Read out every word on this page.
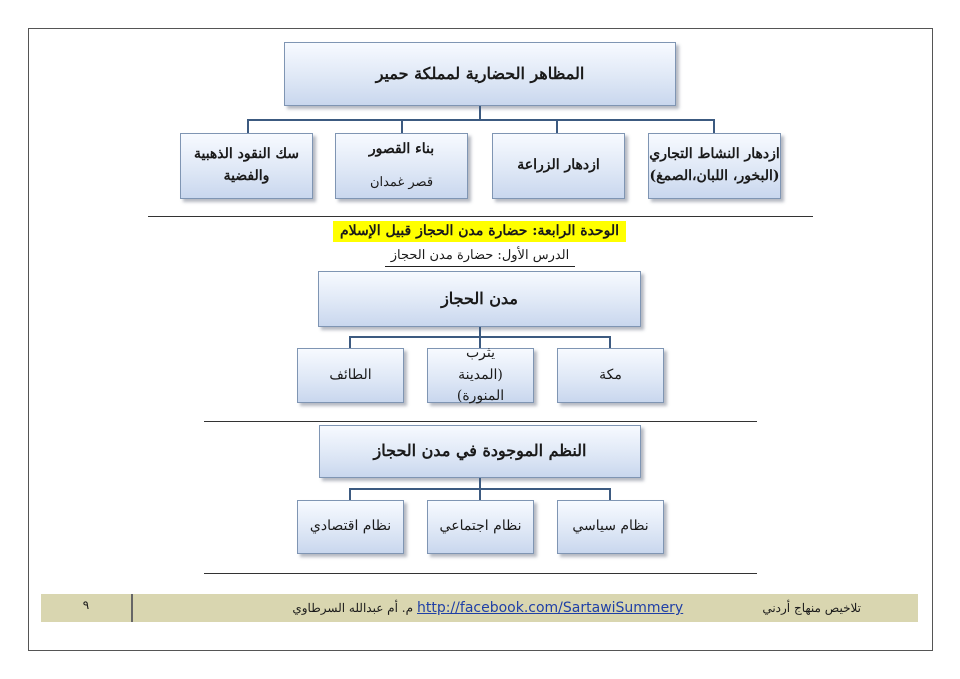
المظاهر الحضارية لمملكة حمير
ازدهار النشاط التجاري
(البخور، اللبان،الصمغ)
ازدهار الزراعة
بناء القصور
قصر غمدان
سك النقود الذهبية والفضية
الوحدة الرابعة: حضارة مدن الحجاز قبيل الإسلام
الدرس الأول: حضارة مدن الحجاز
مدن الحجاز
مكة
يثرب (المدينة المنورة)
الطائف
النظم الموجودة في مدن الحجاز
نظام سياسي
نظام اجتماعي
نظام اقتصادي
٩	م. أم عبدالله السرطاوي http://facebook.com/SartawiSummery	تلاخيص منهاج أردني
